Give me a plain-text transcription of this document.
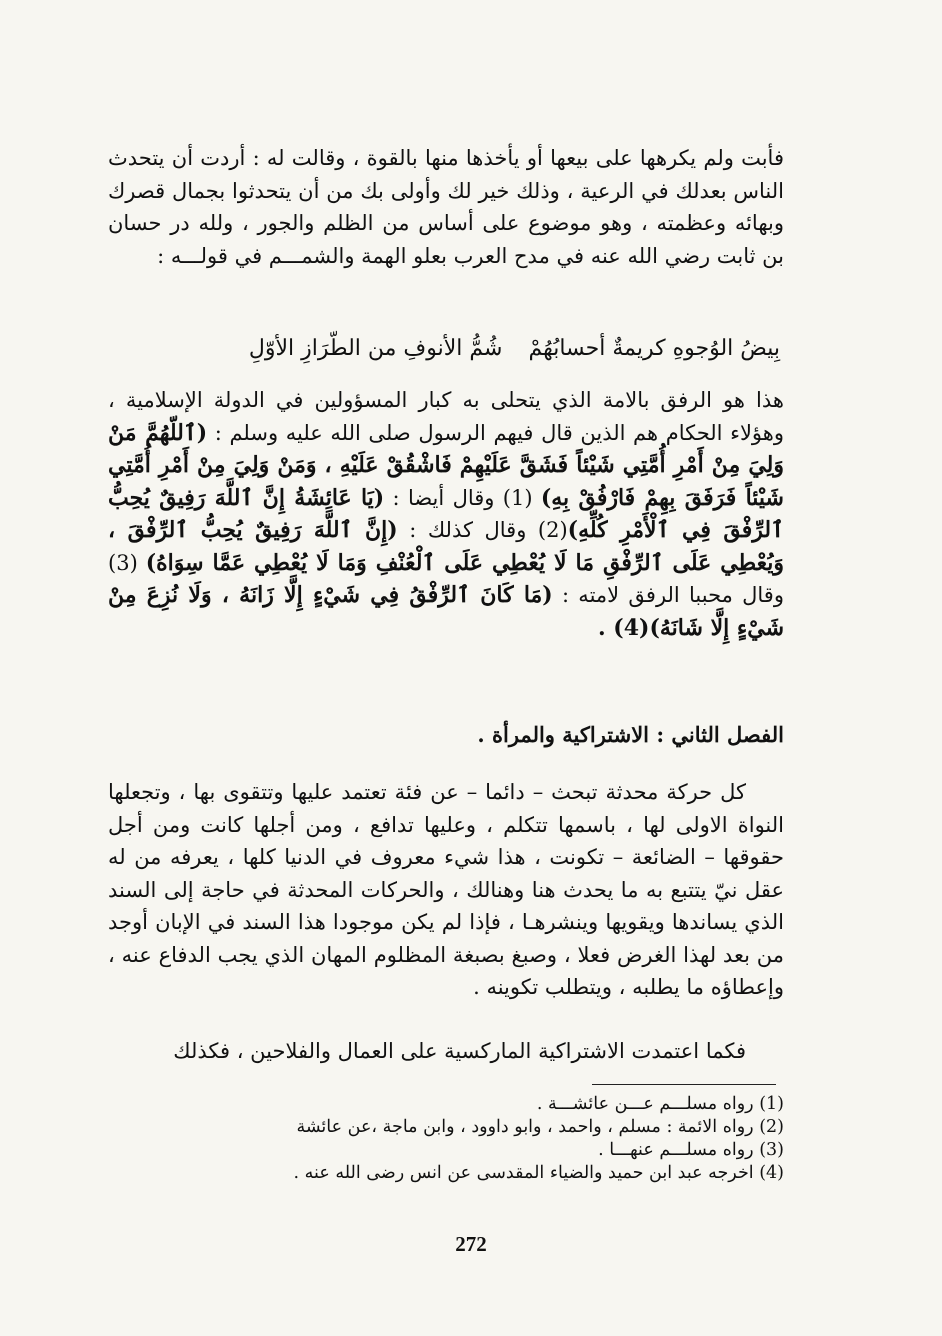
فأبت ولم يكرهها على بيعها أو يأخذها منها بالقوة ، وقالت له : أردت أن يتحدث الناس بعدلك في الرعية ، وذلك خير لك وأولى بك من أن يتحدثوا بجمال قصرك وبهائه وعظمته ، وهو موضوع على أساس من الظلم والجور ، ولله در حسان بن ثابت رضي الله عنه في مدح العرب بعلو الهمة والشمـــم في قولـــه :

بِيضُ الوُجوهِ كريمةٌ أحسابُهُمْشُمُّ الأنوفِ من الطّرَازِ الأوّلِ

هذا هو الرفق بالامة الذي يتحلى به كبار المسؤولين في الدولة الإسلامية ، وهؤلاء الحكام هم الذين قال فيهم الرسول صلى الله عليه وسلم : (ٱللّهُمَّ مَنْ وَلِيَ مِنْ أَمْرِ أُمَّتِي شَيْئاً فَشَقَّ عَلَيْهِمْ فَاشْقُقْ عَلَيْهِ ، وَمَنْ وَلِيَ مِنْ أَمْرِ أُمَّتِي شَيْئاً فَرَفَقَ بِهِمْ فَارْفُقْ بِهِ) (1) وقال أيضا : (يَا عَائِشَةُ إِنَّ ٱللَّهَ رَفِيقٌ يُحِبُّ ٱلرِّفْقَ فِي ٱلْأَمْرِ كُلِّهِ)(2) وقال كذلك : (إِنَّ ٱللَّهَ رَفِيقٌ يُحِبُّ ٱلرِّفْقَ ، وَيُعْطِي عَلَى ٱلرِّفْقِ مَا لَا يُعْطِي عَلَى ٱلْعُنْفِ وَمَا لَا يُعْطِي عَمَّا سِوَاهُ) (3) وقال محببا الرفق لامته : (مَا كَانَ ٱلرِّفْقُ فِي شَيْءٍ إِلَّا زَانَهُ ، وَلَا نُزِعَ مِنْ شَيْءٍ إِلَّا شَانَهُ)(4) .

الفصل الثاني : الاشتراكية والمرأة .

كل حركة محدثة تبحث – دائما – عن فئة تعتمد عليها وتتقوى بها ، وتجعلها النواة الاولى لها ، باسمها تتكلم ، وعليها تدافع ، ومن أجلها كانت ومن أجل حقوقها – الضائعة – تكونت ، هذا شيء معروف في الدنيا كلها ، يعرفه من له عقل نيّ يتتبع به ما يحدث هنا وهنالك ، والحركات المحدثة في حاجة إلى السند الذي يساندها ويقويها وينشرهـا ، فإذا لم يكن موجودا هذا السند في الإبان أوجد من بعد لهذا الغرض فعلا ، وصبغ بصبغة المظلوم المهان الذي يجب الدفاع عنه ، وإعطاؤه ما يطلبه ، ويتطلب تكوينه .

فكما اعتمدت الاشتراكية الماركسية على العمال والفلاحين ، فكذلك

(1) رواه مسلـــم عـــن عائشـــة .
(2) رواه الائمة : مسلم ، واحمد ، وابو داوود ، وابن ماجة ،عن عائشة
(3) رواه مسلـــم عنهـــا .
(4) اخرجه عبد ابن حميد والضياء المقدسى عن انس رضى الله عنه .
272
